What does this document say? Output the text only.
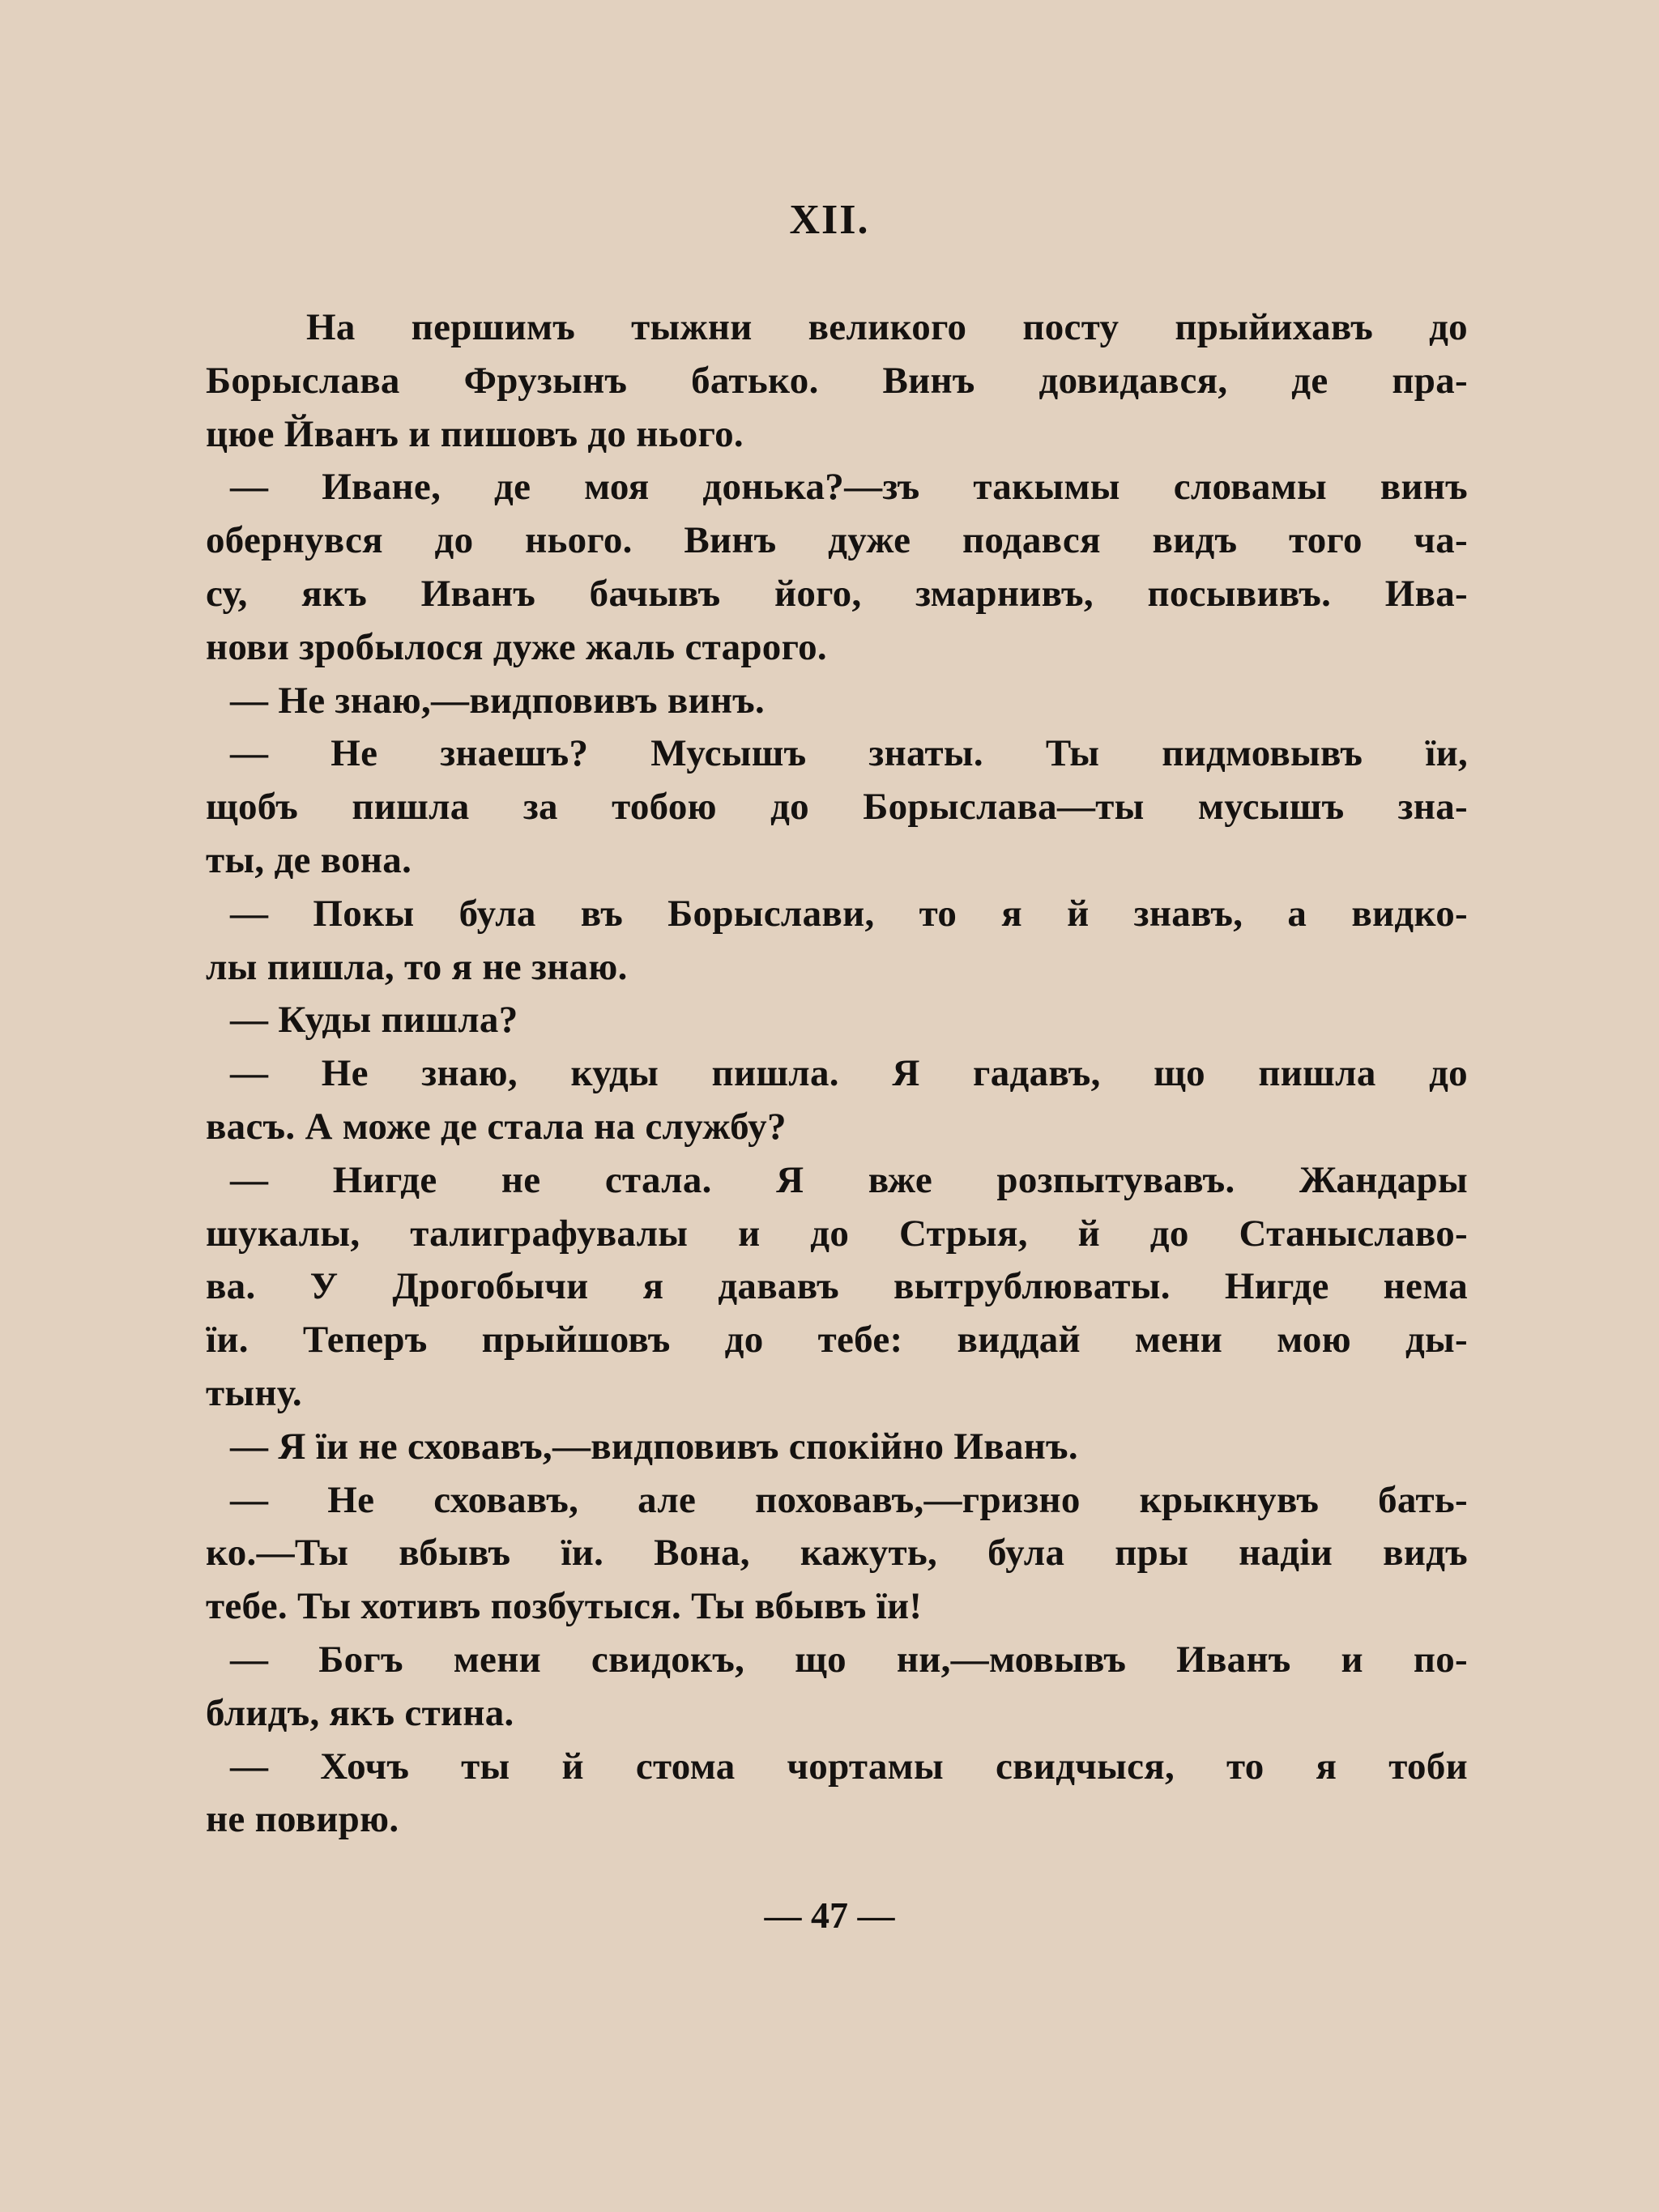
XII.
На першимъ тыжни великого посту прыйихавъ до
Борыслава Фрузынъ батько. Винъ довидався, де пра-
цюе Йванъ и пишовъ до нього.
— Иване, де моя донька?—зъ такымы словамы винъ
обернувся до нього. Винъ дуже подався видъ того ча-
су, якъ Иванъ бачывъ його, змарнивъ, посывивъ. Ива-
нови зробылося дуже жаль старого.
— Не знаю,—видповивъ винъ.
— Не знаешъ? Мусышъ знаты. Ты пидмовывъ ïи,
щобъ пишла за тобою до Борыслава—ты мусышъ зна-
ты, де вона.
— Покы була въ Борыслави, то я й знавъ, а видко-
лы пишла, то я не знаю.
— Куды пишла?
— Не знаю, куды пишла. Я гадавъ, що пишла до
васъ. А може де стала на службу?
— Нигде не стала. Я вже розпытувавъ. Жандары
шукалы, талиграфувалы и до Стрыя, й до Станыславо-
ва. У Дрогобычи я дававъ вытрублюваты. Нигде нема
ïи. Теперъ прыйшовъ до тебе: виддай мени мою ды-
тыну.
— Я ïи не сховавъ,—видповивъ спокiйно Иванъ.
— Не сховавъ, але поховавъ,—гризно крыкнувъ бать-
ко.—Ты вбывъ ïи. Вона, кажуть, була пры надiи видъ
тебе. Ты хотивъ позбутыся. Ты вбывъ ïи!
— Богъ мени свидокъ, що ни,—мовывъ Иванъ и по-
блидъ, якъ стина.
— Хочъ ты й стома чортамы свидчыся, то я тоби
не повирю.
— 47 —
